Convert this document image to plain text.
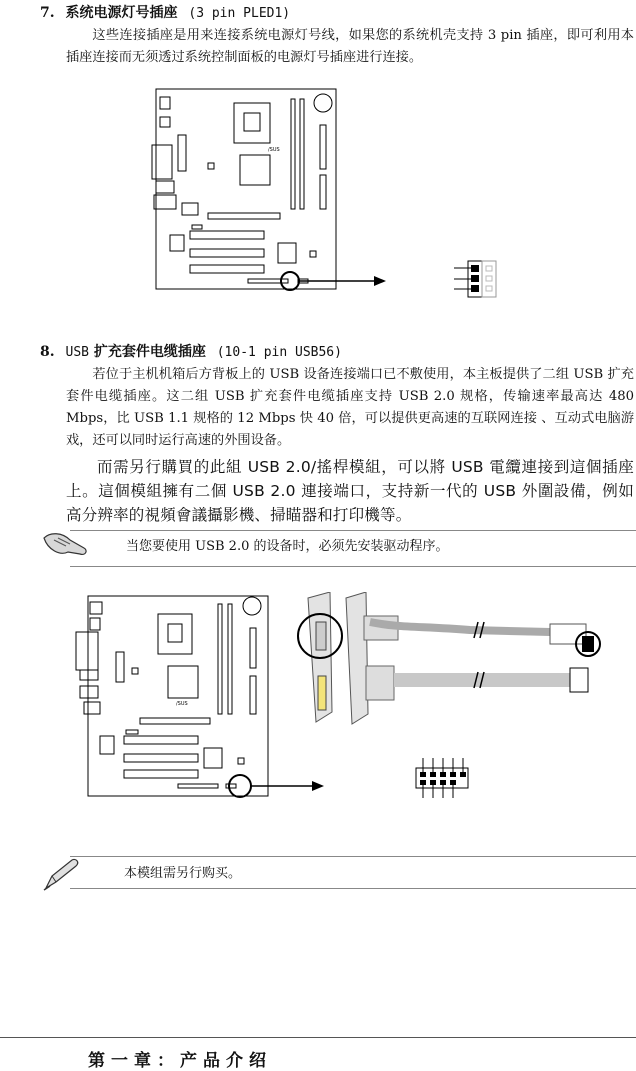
7. 系统电源灯号插座 (3 pin PLED1)
这些连接插座是用来连接系统电源灯号线，如果您的系统机壳支持 3 pin 插座，即可利用本插座连接而无须透过系统控制面板的电源灯号插座进行连接。
/SUS
8. USB 扩充套件电缆插座 (10-1 pin USB56)
若位于主机机箱后方背板上的 USB 设备连接端口已不敷使用，本主板提供了二组 USB 扩充套件电缆插座。这二组 USB 扩充套件电缆插座支持 USB 2.0 规格，传输速率最高达 480 Mbps，比 USB 1.1 规格的 12 Mbps 快 40 倍，可以提供更高速的互联网连接 、互动式电脑游戏，还可以同时运行高速的外围设备。
而需另行購買的此組 USB 2.0/搖桿模組，可以將 USB 電纜連接到這個插座上。這個模組擁有二個 USB 2.0 連接端口，支持新一代的 USB 外圍設備，例如高分辨率的視頻會議攝影機、掃瞄器和打印機等。
当您要使用 USB 2.0 的设备时，必须先安装驱动程序。
/SUS
本模组需另行购买。
第一章：产品介绍
